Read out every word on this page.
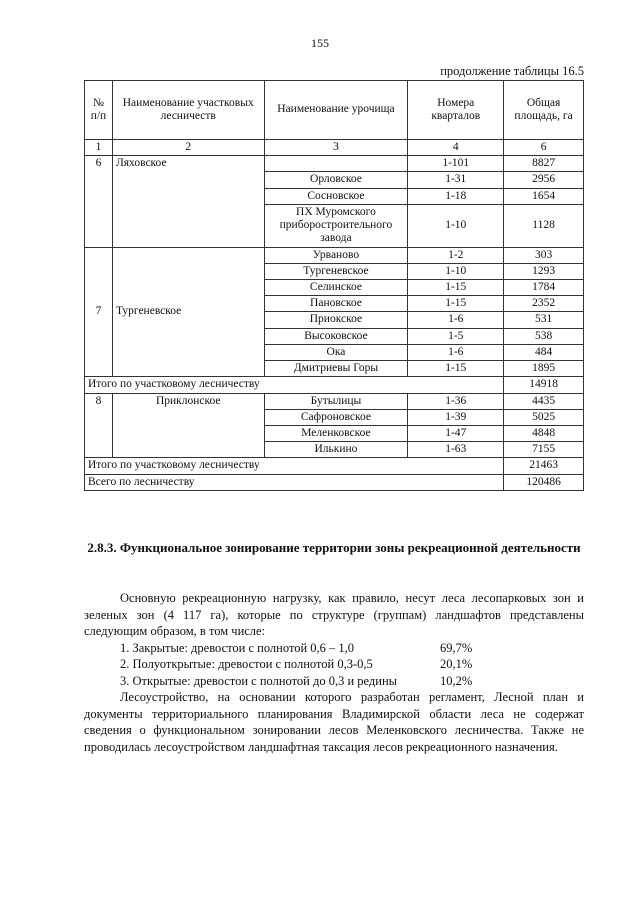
155
продолжение таблицы 16.5
№ п/п	Наименование участковых лесничеств	Наименование урочища	Номера кварталов	Общая площадь, га
1	2	3	4	6
6	Ляховское		1-101	8827
		Орловское	1-31	2956
		Сосновское	1-18	1654
		ПХ Муромского приборостроительного завода	1-10	1128
7	Тургеневское	Урваново	1-2	303
		Тургеневское	1-10	1293
		Селинское	1-15	1784
		Пановское	1-15	2352
		Приокское	1-6	531
		Высоковское	1-5	538
		Ока	1-6	484
		Дмитриевы Горы	1-15	1895
Итого по участковому лесничеству				14918
8	Приклонское	Бутылицы	1-36	4435
		Сафроновское	1-39	5025
		Меленковское	1-47	4848
		Илькино	1-63	7155
Итого по участковому лесничеству				21463
Всего по лесничеству				120486
2.8.3. Функциональное зонирование территории зоны рекреационной деятельности

Основную рекреационную нагрузку, как правило, несут леса лесопарковых зон и зеленых зон (4 117 га), которые по структуре (группам) ландшафтов представлены следующим образом, в том числе:

1. Закрытые: древостои с полнотой 0,6 – 1,0	69,7%
2. Полуоткрытые: древостои с полнотой 0,3-0,5	20,1%
3. Открытые: древостои с полнотой до 0,3 и редины	10,2%

Лесоустройство, на основании которого разработан регламент, Лесной план и документы территориального планирования Владимирской области леса не содержат сведения о функциональном зонировании лесов Меленковского лесничества. Также не проводилась лесоустройством ландшафтная таксация лесов рекреационного назначения.
